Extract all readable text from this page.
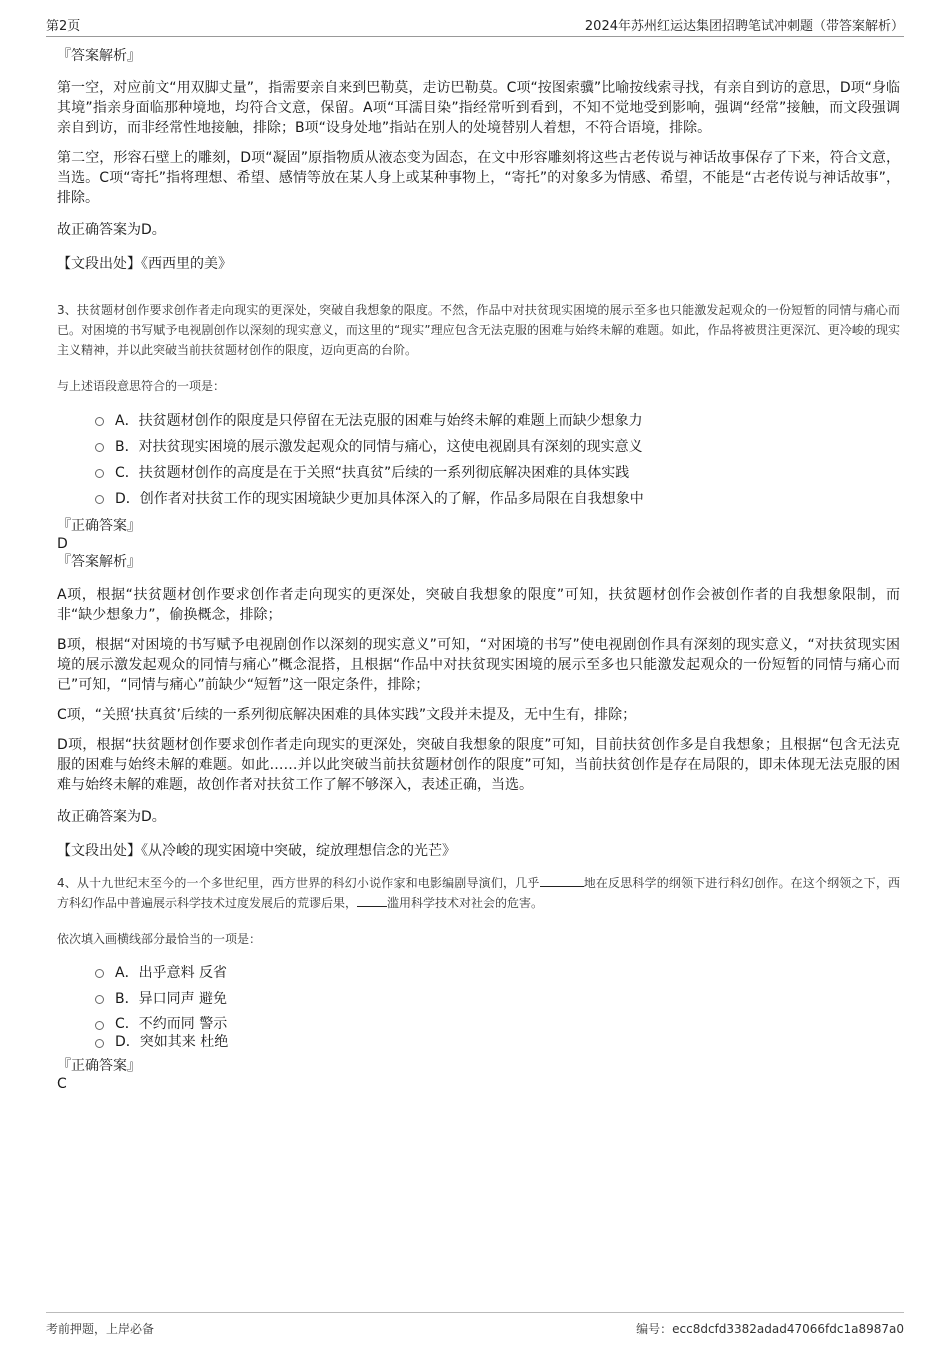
第2页	2024年苏州红运达集团招聘笔试冲刺题（带答案解析）

『答案解析』

第一空，对应前文“用双脚丈量”，指需要亲自来到巴勒莫，走访巴勒莫。C项“按图索骥”比喻按线索寻找，有亲自到访的意思，D项“身临其境”指亲身面临那种境地，均符合文意，保留。A项“耳濡目染”指经常听到看到，不知不觉地受到影响，强调“经常”接触，而文段强调亲自到访，而非经常性地接触，排除；B项“设身处地”指站在别人的处境替别人着想，不符合语境，排除。

第二空，形容石壁上的雕刻，D项“凝固”原指物质从液态变为固态，在文中形容雕刻将这些古老传说与神话故事保存了下来，符合文意，当选。C项“寄托”指将理想、希望、感情等放在某人身上或某种事物上，“寄托”的对象多为情感、希望，不能是“古老传说与神话故事”，排除。

故正确答案为D。

【文段出处】《西西里的美》

3、扶贫题材创作要求创作者走向现实的更深处，突破自我想象的限度。不然，作品中对扶贫现实困境的展示至多也只能激发起观众的一份短暂的同情与痛心而已。对困境的书写赋予电视剧创作以深刻的现实意义，而这里的“现实”理应包含无法克服的困难与始终未解的难题。如此，作品将被贯注更深沉、更冷峻的现实主义精神，并以此突破当前扶贫题材创作的限度，迈向更高的台阶。

与上述语段意思符合的一项是：

A．扶贫题材创作的限度是只停留在无法克服的困难与始终未解的难题上而缺少想象力
B．对扶贫现实困境的展示激发起观众的同情与痛心，这使电视剧具有深刻的现实意义
C．扶贫题材创作的高度是在于关照“扶真贫”后续的一系列彻底解决困难的具体实践
D．创作者对扶贫工作的现实困境缺少更加具体深入的了解，作品多局限在自我想象中

『正确答案』

D

『答案解析』

A项，根据“扶贫题材创作要求创作者走向现实的更深处，突破自我想象的限度”可知，扶贫题材创作会被创作者的自我想象限制，而非“缺少想象力”，偷换概念，排除；

B项，根据“对困境的书写赋予电视剧创作以深刻的现实意义”可知，“对困境的书写”使电视剧创作具有深刻的现实意义，“对扶贫现实困境的展示激发起观众的同情与痛心”概念混搭，且根据“作品中对扶贫现实困境的展示至多也只能激发起观众的一份短暂的同情与痛心而已”可知，“同情与痛心”前缺少“短暂”这一限定条件，排除；

C项，“关照‘扶真贫’后续的一系列彻底解决困难的具体实践”文段并未提及，无中生有，排除；

D项，根据“扶贫题材创作要求创作者走向现实的更深处，突破自我想象的限度”可知，目前扶贫创作多是自我想象；且根据“包含无法克服的困难与始终未解的难题。如此……并以此突破当前扶贫题材创作的限度”可知，当前扶贫创作是存在局限的，即未体现无法克服的困难与始终未解的难题，故创作者对扶贫工作了解不够深入，表述正确，当选。

故正确答案为D。

【文段出处】《从冷峻的现实困境中突破，绽放理想信念的光芒》

4、从十九世纪末至今的一个多世纪里，西方世界的科幻小说作家和电影编剧导演们，几乎	地在反思科学的纲领下进行科幻创作。在这个纲领之下，西方科幻作品中普遍展示科学技术过度发展后的荒谬后果，	滥用科学技术对社会的危害。

依次填入画横线部分最恰当的一项是：

A．出乎意料 反省
B．异口同声 避免
C．不约而同 警示
D．突如其来 杜绝

『正确答案』

C

考前押题，上岸必备	编号：ecc8dcfd3382adad47066fdc1a8987a0
